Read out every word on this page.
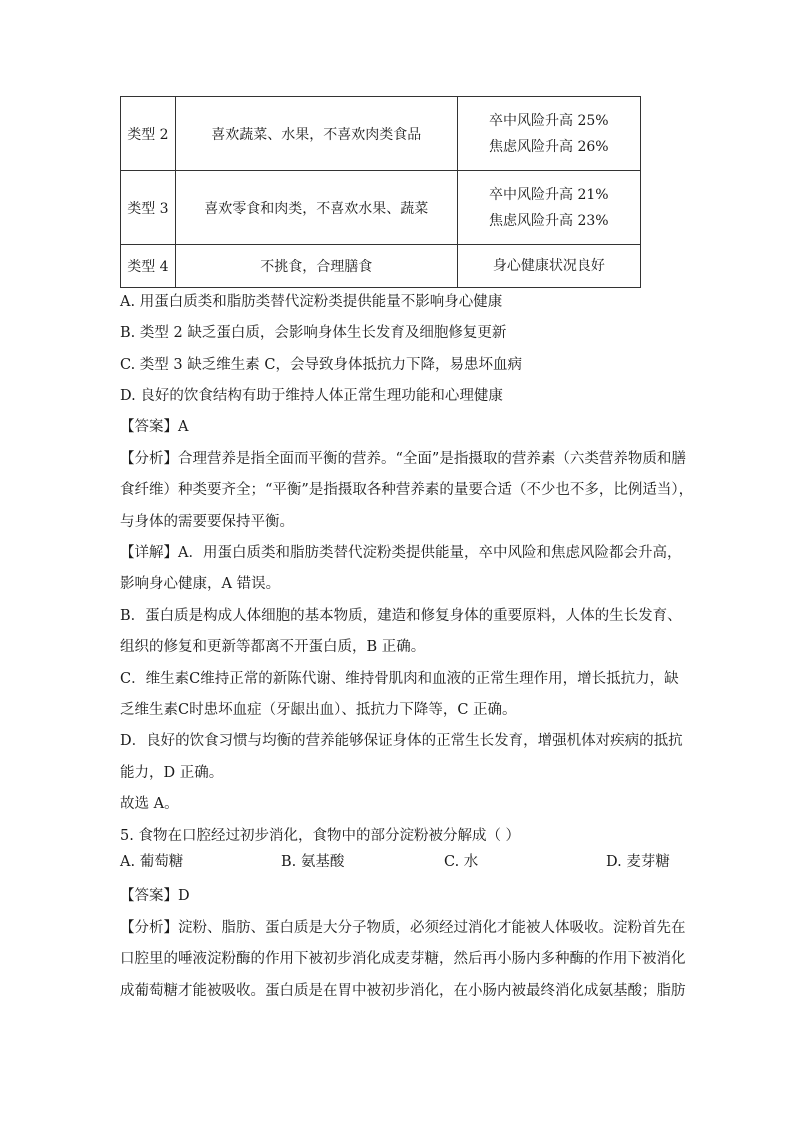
类型 2	喜欢蔬菜、水果，不喜欢肉类食品	卒中风险升高 25%
焦虑风险升高 26%

类型 3	喜欢零食和肉类，不喜欢水果、蔬菜	卒中风险升高 21%
焦虑风险升高 23%

类型 4	不挑食，合理膳食	身心健康状况良好
A. 用蛋白质类和脂肪类替代淀粉类提供能量不影响身心健康
B. 类型 2 缺乏蛋白质，会影响身体生长发育及细胞修复更新
C. 类型 3 缺乏维生素 C，会导致身体抵抗力下降，易患坏血病
D. 良好的饮食结构有助于维持人体正常生理功能和心理健康
【答案】A
【分析】合理营养是指全面而平衡的营养。“全面”是指摄取的营养素（六类营养物质和膳
食纤维）种类要齐全；“平衡”是指摄取各种营养素的量要合适（不少也不多，比例适当），
与身体的需要要保持平衡。
【详解】A．用蛋白质类和脂肪类替代淀粉类提供能量，卒中风险和焦虑风险都会升高，
影响身心健康，A 错误。
B．蛋白质是构成人体细胞的基本物质，建造和修复身体的重要原料，人体的生长发育、
组织的修复和更新等都离不开蛋白质，B 正确。
C．维生素C维持正常的新陈代谢、维持骨肌肉和血液的正常生理作用，增长抵抗力，缺
乏维生素C时患坏血症（牙龈出血）、抵抗力下降等，C 正确。
D．良好的饮食习惯与均衡的营养能够保证身体的正常生长发育，增强机体对疾病的抵抗
能力，D 正确。
故选 A。
5. 食物在口腔经过初步消化，食物中的部分淀粉被分解成（ ）
A. 葡萄糖	B. 氨基酸	C. 水	D. 麦芽糖
【答案】D
【分析】淀粉、脂肪、蛋白质是大分子物质，必须经过消化才能被人体吸收。淀粉首先在
口腔里的唾液淀粉酶的作用下被初步消化成麦芽糖，然后再小肠内多种酶的作用下被消化
成葡萄糖才能被吸收。蛋白质是在胃中被初步消化，在小肠内被最终消化成氨基酸；脂肪
